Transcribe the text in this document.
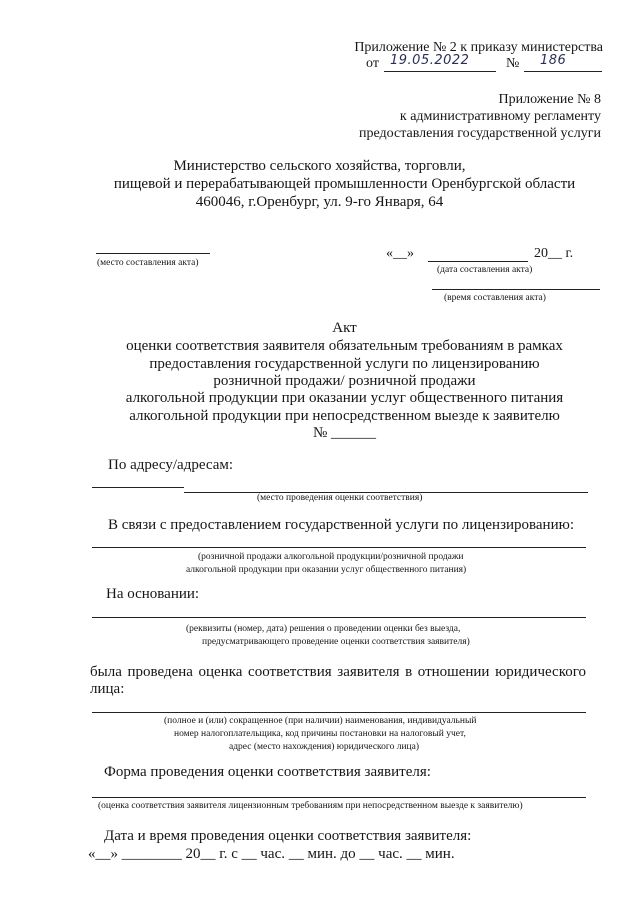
Приложение № 2 к приказу министерства
от 19.05.2022	№ 186
Приложение № 8
к административному регламенту
предоставления государственной услуги
Министерство сельского хозяйства, торговли,
пищевой и перерабатывающей промышленности Оренбургской области
460046, г.Оренбург, ул. 9-го Января, 64
(место составления акта)
«__»	20__ г.
(дата составления акта)
(время составления акта)
Акт
оценки соответствия заявителя обязательным требованиям в рамках
предоставления государственной услуги по лицензированию
розничной продажи/ розничной продажи
алкогольной продукции при оказании услуг общественного питания
алкогольной продукции при непосредственном выезде к заявителю
№ ______
По адресу/адресам:
(место проведения оценки соответствия)
В связи с предоставлением государственной услуги по лицензированию:
(розничной продажи алкогольной продукции/розничной продажи
алкогольной продукции при оказании услуг общественного питания)
На основании:
(реквизиты (номер, дата) решения о проведении оценки без выезда,
предусматривающего проведение оценки соответствия заявителя)
была проведена оценка соответствия заявителя в отношении юридического
лица:
(полное и (или) сокращенное (при наличии) наименования, индивидуальный
номер налогоплательщика, код причины постановки на налоговый учет,
адрес (место нахождения) юридического лица)
Форма проведения оценки соответствия заявителя:
(оценка соответствия заявителя лицензионным требованиям при непосредственном выезде к заявителю)
Дата и время проведения оценки соответствия заявителя:
«__» ________ 20__ г. с __ час. __ мин. до __ час. __ мин.
